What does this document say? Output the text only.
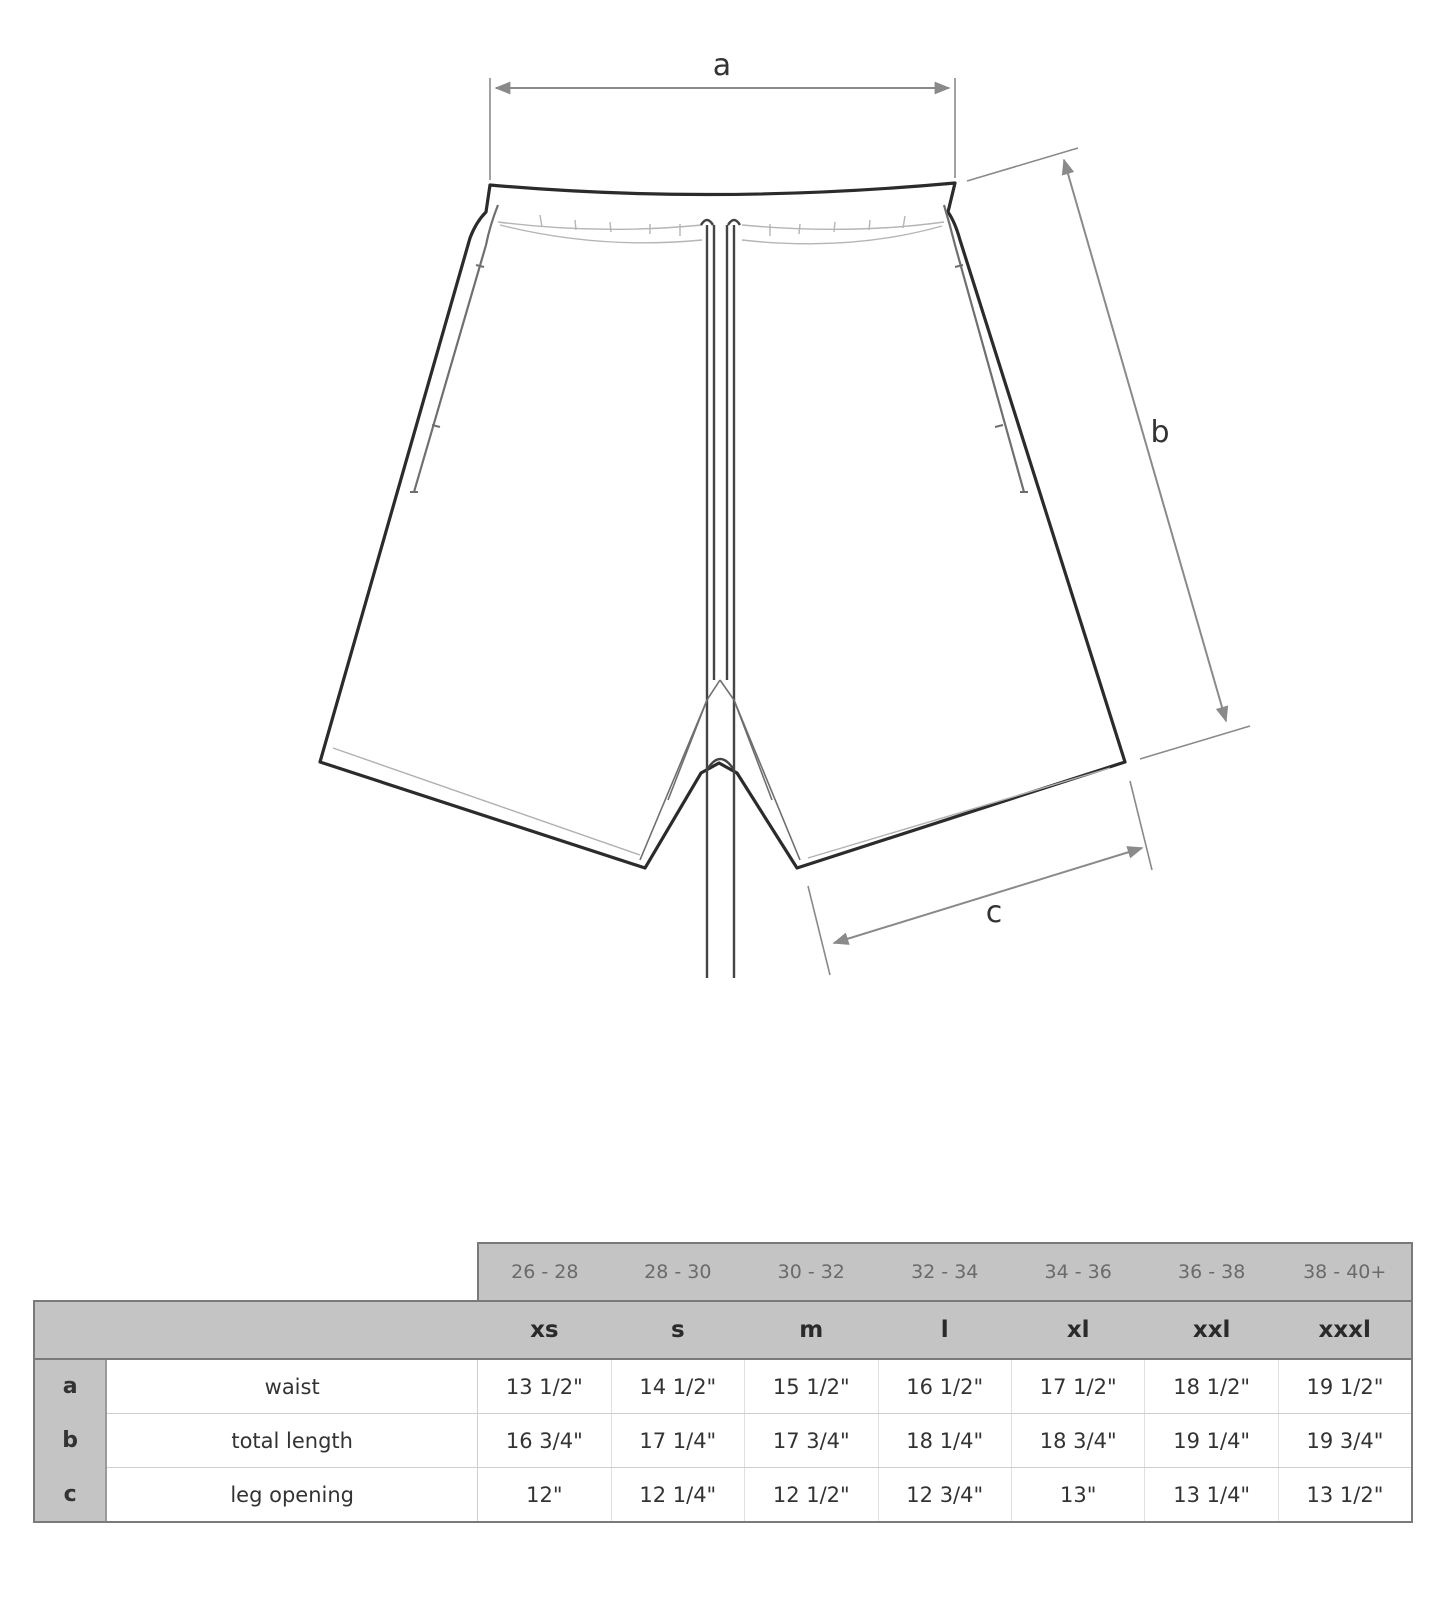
a
b
c
		26 - 28	28 - 30	30 - 32	32 - 34	34 - 36	36 - 38	38 - 40+
		xs	s	m	l	xl	xxl	xxxl
a	waist	13 1/2"	14 1/2"	15 1/2"	16 1/2"	17 1/2"	18 1/2"	19 1/2"
b	total length	16 3/4"	17 1/4"	17 3/4"	18 1/4"	18 3/4"	19 1/4"	19 3/4"
c	leg opening	12"	12 1/4"	12 1/2"	12 3/4"	13"	13 1/4"	13 1/2"
